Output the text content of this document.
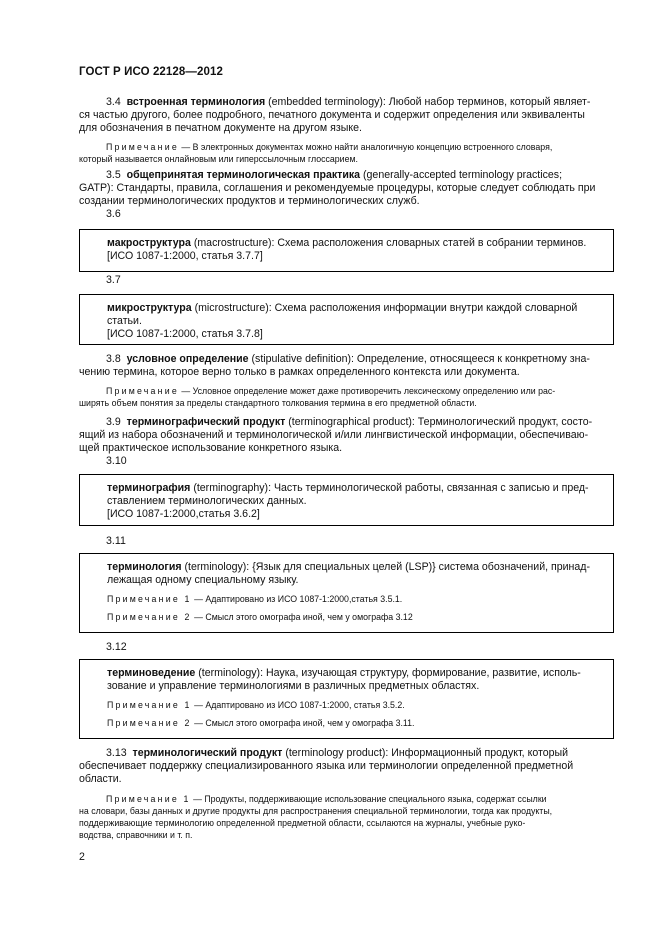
ГОСТ Р ИСО 22128—2012
3.4 встроенная терминология (embedded terminology): Любой набор терминов, который являет-
ся частью другого, более подробного, печатного документа и содержит определения или эквиваленты
для обозначения в печатном документе на другом языке.
Примечание — В электронных документах можно найти аналогичную концепцию встроенного словаря,
который называется онлайновым или гиперссылочным глоссарием.
3.5 общепринятая терминологическая практика (generally-accepted terminology practices;
GATP): Стандарты, правила, соглашения и рекомендуемые процедуры, которые следует соблюдать при
создании терминологических продуктов и терминологических служб.
3.6
макроструктура (macrostructure): Схема расположения словарных статей в собрании терминов.
[ИСО 1087-1:2000, статья 3.7.7]
3.7
микроструктура (microstructure): Схема расположения информации внутри каждой словарной
статьи.
[ИСО 1087-1:2000, статья 3.7.8]
3.8 условное определение (stipulative definition): Определение, относящееся к конкретному зна-
чению термина, которое верно только в рамках определенного контекста или документа.
Примечание — Условное определение может даже противоречить лексическому определению или рас-
ширять объем понятия за пределы стандартного толкования термина в его предметной области.
3.9 терминографический продукт (terminographical product): Терминологический продукт, состо-
ящий из набора обозначений и терминологической и/или лингвистической информации, обеспечиваю-
щей практическое использование конкретного языка.
3.10
терминография (terminography): Часть терминологической работы, связанная с записью и пред-
ставлением терминологических данных.
[ИСО 1087-1:2000,статья 3.6.2]
3.11
терминология (terminology): {Язык для специальных целей (LSP)} система обозначений, принад-
лежащая одному специальному языку.
Примечание 1 — Адаптировано из ИСО 1087-1:2000,статья 3.5.1.
Примечание 2 — Смысл этого омографа иной, чем у омографа 3.12
3.12
терминоведение (terminology): Наука, изучающая структуру, формирование, развитие, исполь-
зование и управление терминологиями в различных предметных областях.
Примечание 1 — Адаптировано из ИСО 1087-1:2000, статья 3.5.2.
Примечание 2 — Смысл этого омографа иной, чем у омографа 3.11.
3.13 терминологический продукт (terminology product): Информационный продукт, который
обеспечивает поддержку специализированного языка или терминологии определенной предметной
области.
Примечание 1 — Продукты, поддерживающие использование специального языка, содержат ссылки
на словари, базы данных и другие продукты для распространения специальной терминологии, тогда как продукты,
поддерживающие терминологию определенной предметной области, ссылаются на журналы, учебные руко-
водства, справочники и т. п.
2
